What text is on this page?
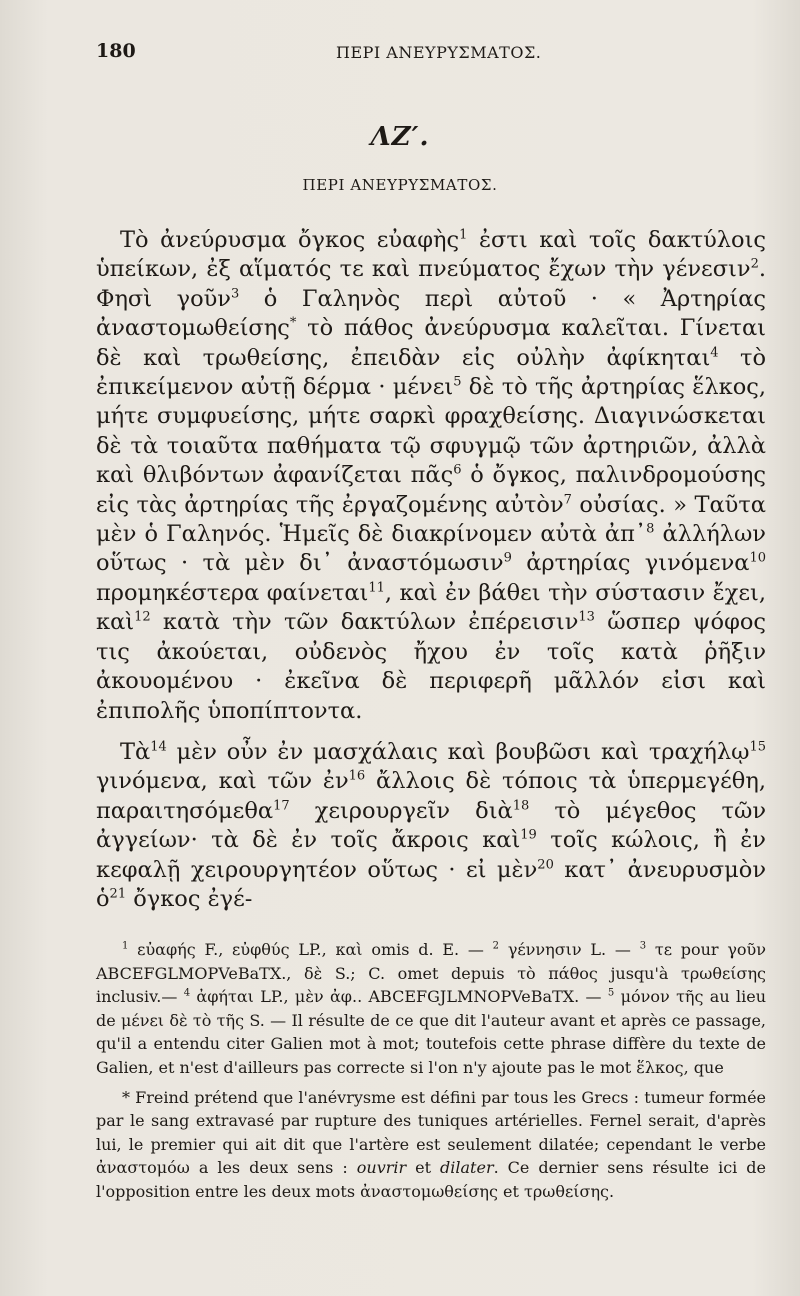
180	ΠΕΡΙ ΑΝΕΥΡΥΣΜΑΤΟΣ.
ΛΖ′.
ΠΕΡΙ ΑΝΕΥΡΥΣΜΑΤΟΣ.

Τὸ ἀνεύρυσμα ὄγκος εὐαφὴς$^1$ ἐστι καὶ τοῖς δακτύλοις ὑπείκων, ἐξ αἵματός τε καὶ πνεύματος ἔχων τὴν γένεσιν$^2$. Φησὶ γοῦν$^3$ ὁ Γαληνὸς περὶ αὐτοῦ · « Ἀρτηρίας ἀναστομωθείσης* τὸ πάθος ἀνεύρυσμα καλεῖται. Γίνεται δὲ καὶ τρωθείσης, ἐπειδὰν εἰς οὐλὴν ἀφίκηται$^4$ τὸ ἐπικείμενον αὐτῇ δέρμα · μένει$^5$ δὲ τὸ τῆς ἀρτηρίας ἕλκος, μήτε συμφυείσης, μήτε σαρκὶ φραχθείσης. Διαγινώσκεται δὲ τὰ τοιαῦτα παθήματα τῷ σφυγμῷ τῶν ἀρτηριῶν, ἀλλὰ καὶ θλιβόντων ἀφανίζεται πᾶς$^6$ ὁ ὄγκος, παλινδρομούσης εἰς τὰς ἀρτηρίας τῆς ἐργαζομένης αὐτὸν$^7$ οὐσίας. » Ταῦτα μὲν ὁ Γαληνός. Ἡμεῖς δὲ διακρίνομεν αὐτὰ ἀπ᾽$^8$ ἀλλήλων οὕτως · τὰ μὲν δι᾽ ἀναστόμωσιν$^9$ ἀρτηρίας γινόμενα$^{10}$ προμηκέστερα φαίνεται$^{11}$, καὶ ἐν βάθει τὴν σύστασιν ἔχει, καὶ$^{12}$ κατὰ τὴν τῶν δακτύλων ἐπέρεισιν$^{13}$ ὥσπερ ψόφος τις ἀκούεται, οὐδενὸς ἤχου ἐν τοῖς κατὰ ῥῆξιν ἀκουομένου · ἐκεῖνα δὲ περιφερῆ μᾶλλόν εἰσι καὶ ἐπιπολῆς ὑποπίπτοντα.

Τὰ$^{14}$ μὲν οὖν ἐν μασχάλαις καὶ βουβῶσι καὶ τραχήλῳ$^{15}$ γινόμενα, καὶ τῶν ἐν$^{16}$ ἄλλοις δὲ τόποις τὰ ὑπερμεγέθη, παραιτησόμεθα$^{17}$ χειρουργεῖν διὰ$^{18}$ τὸ μέγεθος τῶν ἀγγείων· τὰ δὲ ἐν τοῖς ἄκροις καὶ$^{19}$ τοῖς κώλοις, ἢ ἐν κεφαλῇ χειρουργητέον οὕτως · εἰ μὲν$^{20}$ κατ᾽ ἀνευρυσμὸν ὁ$^{21}$ ὄγκος ἐγέ-

$^1$ εὐαφής F., εὐφθύς LP., καὶ omis d. E. — $^2$ γέννησιν L. — $^3$ τε pour γοῦν ABCEFGLMOPVeBaTX., δὲ S.; C. omet depuis τὸ πάθος jusqu'à τρωθείσης inclusiv.— $^4$ ἀφήται LP., μὲν ἀφ.. ABCEFGJLMNOPVeBaTX. — $^5$ μόνον τῆς au lieu de μένει δὲ τὸ τῆς S. — Il résulte de ce que dit l'auteur avant et après ce passage, qu'il a entendu citer Galien mot à mot; toutefois cette phrase diffère du texte de Galien, et n'est d'ailleurs pas correcte si l'on n'y ajoute pas le mot ἕλκος, que

* Freind prétend que l'anévrysme est défini par tous les Grecs : tumeur formée par le sang extravasé par rupture des tuniques artérielles. Fernel serait, d'après lui, le premier qui ait dit que l'artère est seulement dilatée; cependant le verbe ἀναστομόω a les deux sens : ouvrir et dilater. Ce dernier sens résulte ici de l'opposition entre les deux mots ἀναστομωθείσης et τρωθείσης.
